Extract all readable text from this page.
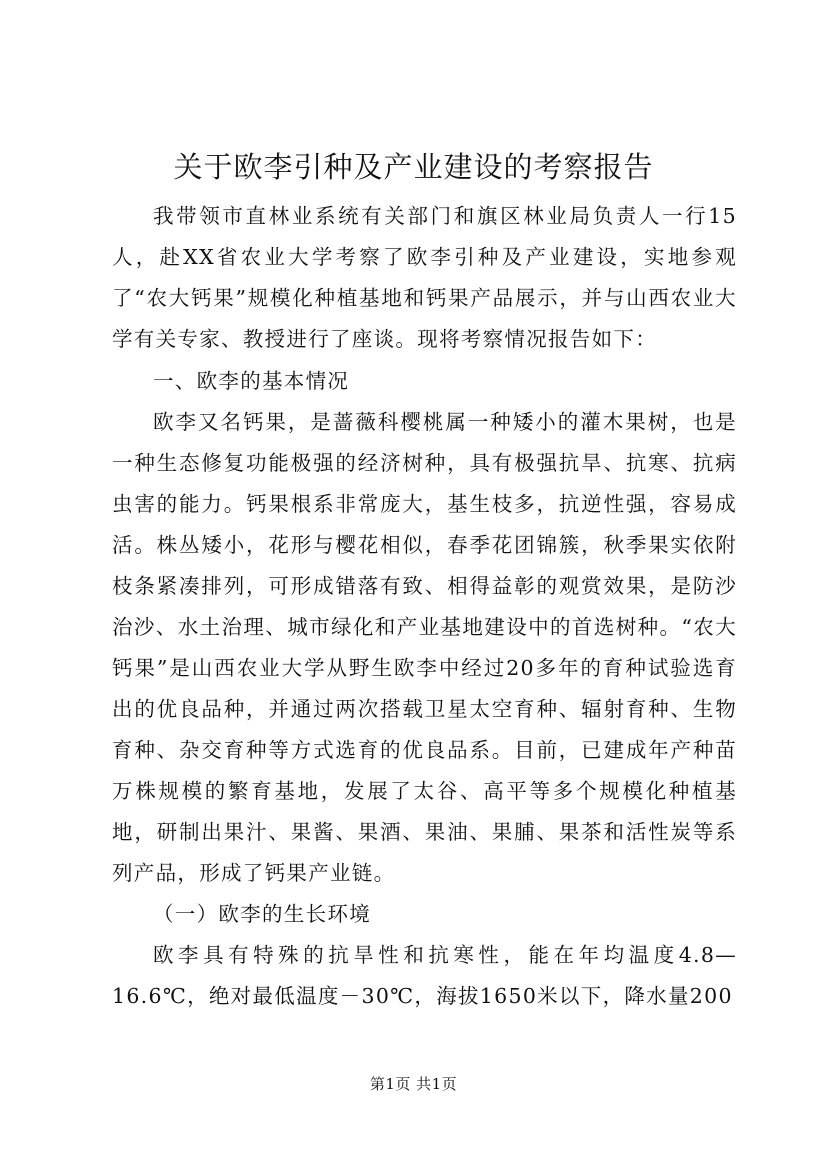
关于欧李引种及产业建设的考察报告

我带领市直林业系统有关部门和旗区林业局负责人一行15人，赴XX省农业大学考察了欧李引种及产业建设，实地参观了“农大钙果”规模化种植基地和钙果产品展示，并与山西农业大学有关专家、教授进行了座谈。现将考察情况报告如下：

一、欧李的基本情况

欧李又名钙果，是蔷薇科樱桃属一种矮小的灌木果树，也是一种生态修复功能极强的经济树种，具有极强抗旱、抗寒、抗病虫害的能力。钙果根系非常庞大，基生枝多，抗逆性强，容易成活。株丛矮小，花形与樱花相似，春季花团锦簇，秋季果实依附枝条紧凑排列，可形成错落有致、相得益彰的观赏效果，是防沙治沙、水土治理、城市绿化和产业基地建设中的首选树种。“农大钙果”是山西农业大学从野生欧李中经过20多年的育种试验选育出的优良品种，并通过两次搭载卫星太空育种、辐射育种、生物育种、杂交育种等方式选育的优良品系。目前，已建成年产种苗万株规模的繁育基地，发展了太谷、高平等多个规模化种植基地，研制出果汁、果酱、果酒、果油、果脯、果茶和活性炭等系列产品，形成了钙果产业链。

（一）欧李的生长环境

欧李具有特殊的抗旱性和抗寒性，能在年均温度4.8—16.6℃，绝对最低温度－30℃，海拔1650米以下，降水量200

第1页 共1页
